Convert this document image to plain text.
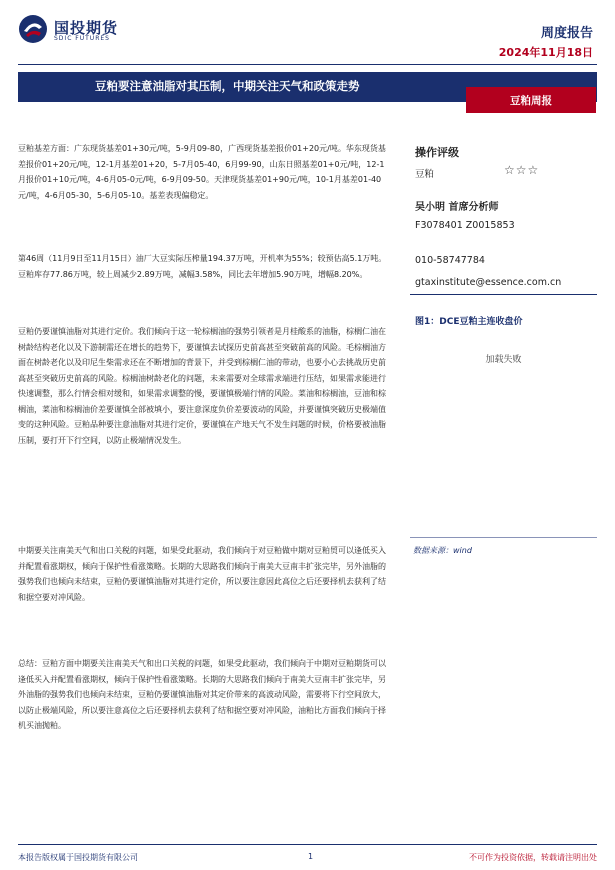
国投期货
SDIC FUTURES	周度报告
2024年11月18日
豆粕要注意油脂对其压制，中期关注天气和政策走势
豆粕周报
豆粕基差方面：广东现货基差01+30元/吨，5-9月09-80，广西现货基差报价01+20元/吨。华东现货基差报价01+20元/吨，12-1月基差01+20，5-7月05-40，6月99-90，山东日照基差01+0元/吨，12-1月报价01+10元/吨，4-6月05-0元/吨，6-9月09-50。天津现货基差01+90元/吨，10-1月基差01-40元/吨，4-6月05-30，5-6月05-10。基差表现偏稳定。
第46周（11月9日至11月15日）油厂大豆实际压榨量194.37万吨，开机率为55%；较预估高5.1万吨。豆粕库存77.86万吨，较上周减少2.89万吨，减幅3.58%，同比去年增加5.90万吨，增幅8.20%。
豆粕仍要谨慎油脂对其进行定价。我们倾向于这一轮棕榈油的强势引领者是月桂酸系的油脂，棕榈仁油在树龄结构老化以及下游制需还在增长的趋势下，要谨慎去试探历史前高甚至突破前高的风险。毛棕榈油方面在树龄老化以及印尼生柴需求还在不断增加的背景下，并受到棕榈仁油的带动，也要小心去挑战历史前高甚至突破历史前高的风险。棕榈油树龄老化的问题，未来需要对全球需求端进行压结，如果需求能进行快速调整，那么行情会相对缓和，如果需求调整的慢，要谨慎极端行情的风险。菜油和棕榈油，豆油和棕榈油，菜油和棕榈油价差要谨慎全部被填小，要注意深度负价差要波动的风险，并要谨慎突破历史极端值变的这种风险。豆粕品种要注意油脂对其进行定价，要谨慎在产地天气不发生问题的时候，价格要被油脂压制，要打开下行空间，以防止极端情况发生。
中期要关注南美天气和出口关税的问题，如果受此驱动，我们倾向于对豆粕做中期对豆粕贸可以逢低买入并配置看涨期权，倾向于保护性看涨策略。长期的大思路我们倾向于南美大豆南丰扩张完毕，另外油脂的强势我们也倾向未结束，豆粕仍要谨慎油脂对其进行定价，所以要注意因此高位之后还要择机去获利了结和据空要对冲风险。
总结：豆粕方面中期要关注南美天气和出口关税的问题，如果受此驱动，我们倾向于中期对豆粕期货可以逢低买入并配置看涨期权，倾向于保护性看涨策略。长期的大思路我们倾向于南美大豆南丰扩张完毕，另外油脂的强势我们也倾向未结束，豆粕仍要谨慎油脂对其定价带来的高波动风险，需要将下行空间放大，以防止极端风险，所以要注意高位之后还要择机去获利了结和据空要对冲风险，油粕比方面我们倾向于择机买油抛粕。
操作评级
豆粕	☆☆☆
吴小明 首席分析师
F3078401 Z0015853
010-58747784
gtaxinstitute@essence.com.cn
图1：DCE豆粕主连收盘价
加载失败
数据来源：wind
本报告版权属于国投期货有限公司	1	不可作为投资依据，转载请注明出处
